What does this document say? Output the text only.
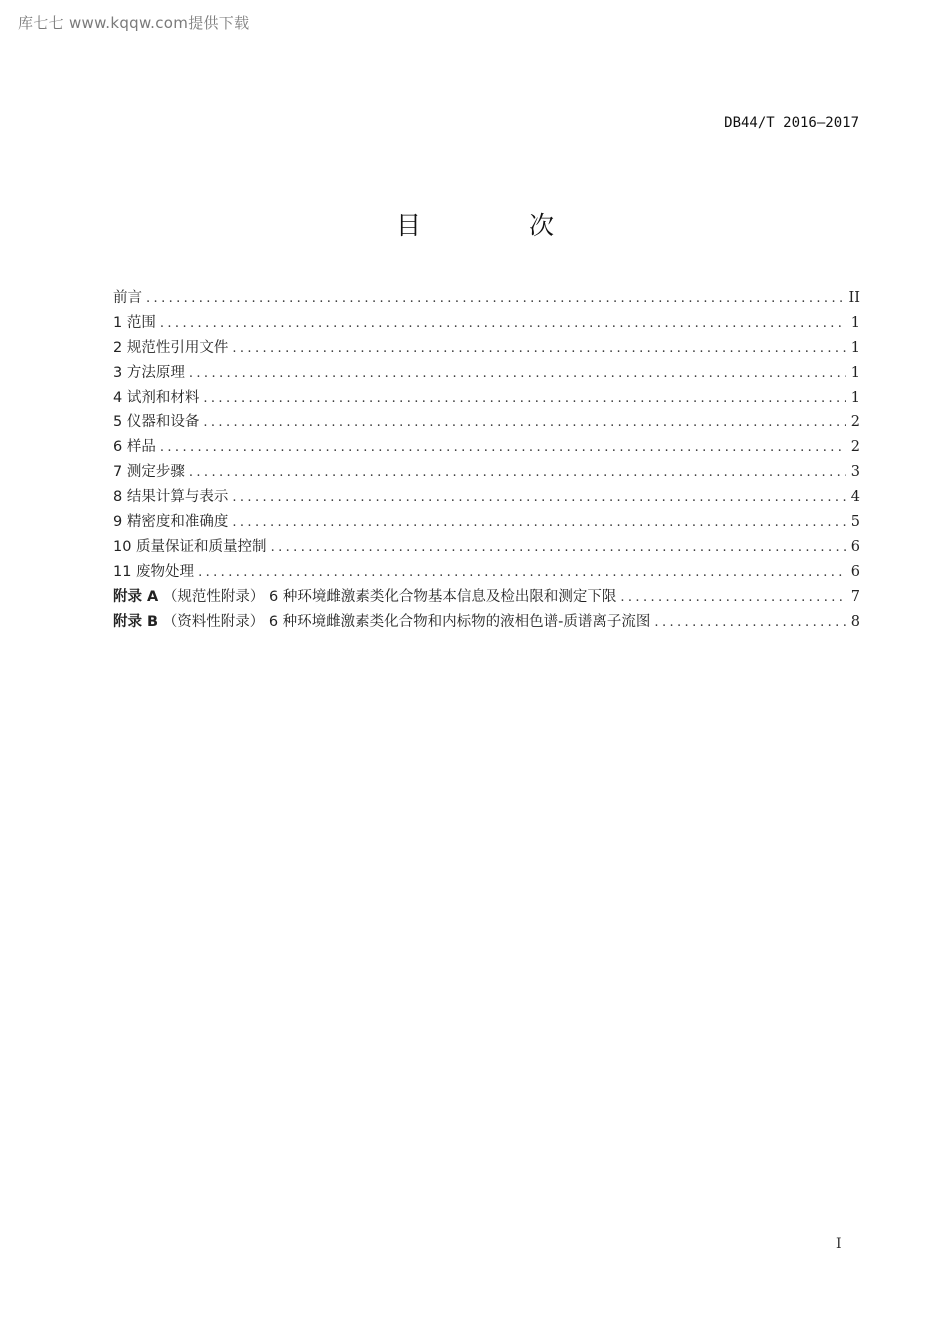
库七七 www.kqqw.com提供下载
DB44/T 2016—2017
目 次
前言 .....	II
1 范围 .....	1
2 规范性引用文件 .....	1
3 方法原理 .....	1
4 试剂和材料 .....	1
5 仪器和设备 .....	2
6 样品 .....	2
7 测定步骤 .....	3
8 结果计算与表示 .....	4
9 精密度和准确度 .....	5
10 质量保证和质量控制 .....	6
11 废物处理 .....	6
附录 A （规范性附录） 6 种环境雌激素类化合物基本信息及检出限和测定下限 .....	7
附录 B （资料性附录） 6 种环境雌激素类化合物和内标物的液相色谱-质谱离子流图 .....	8
I
